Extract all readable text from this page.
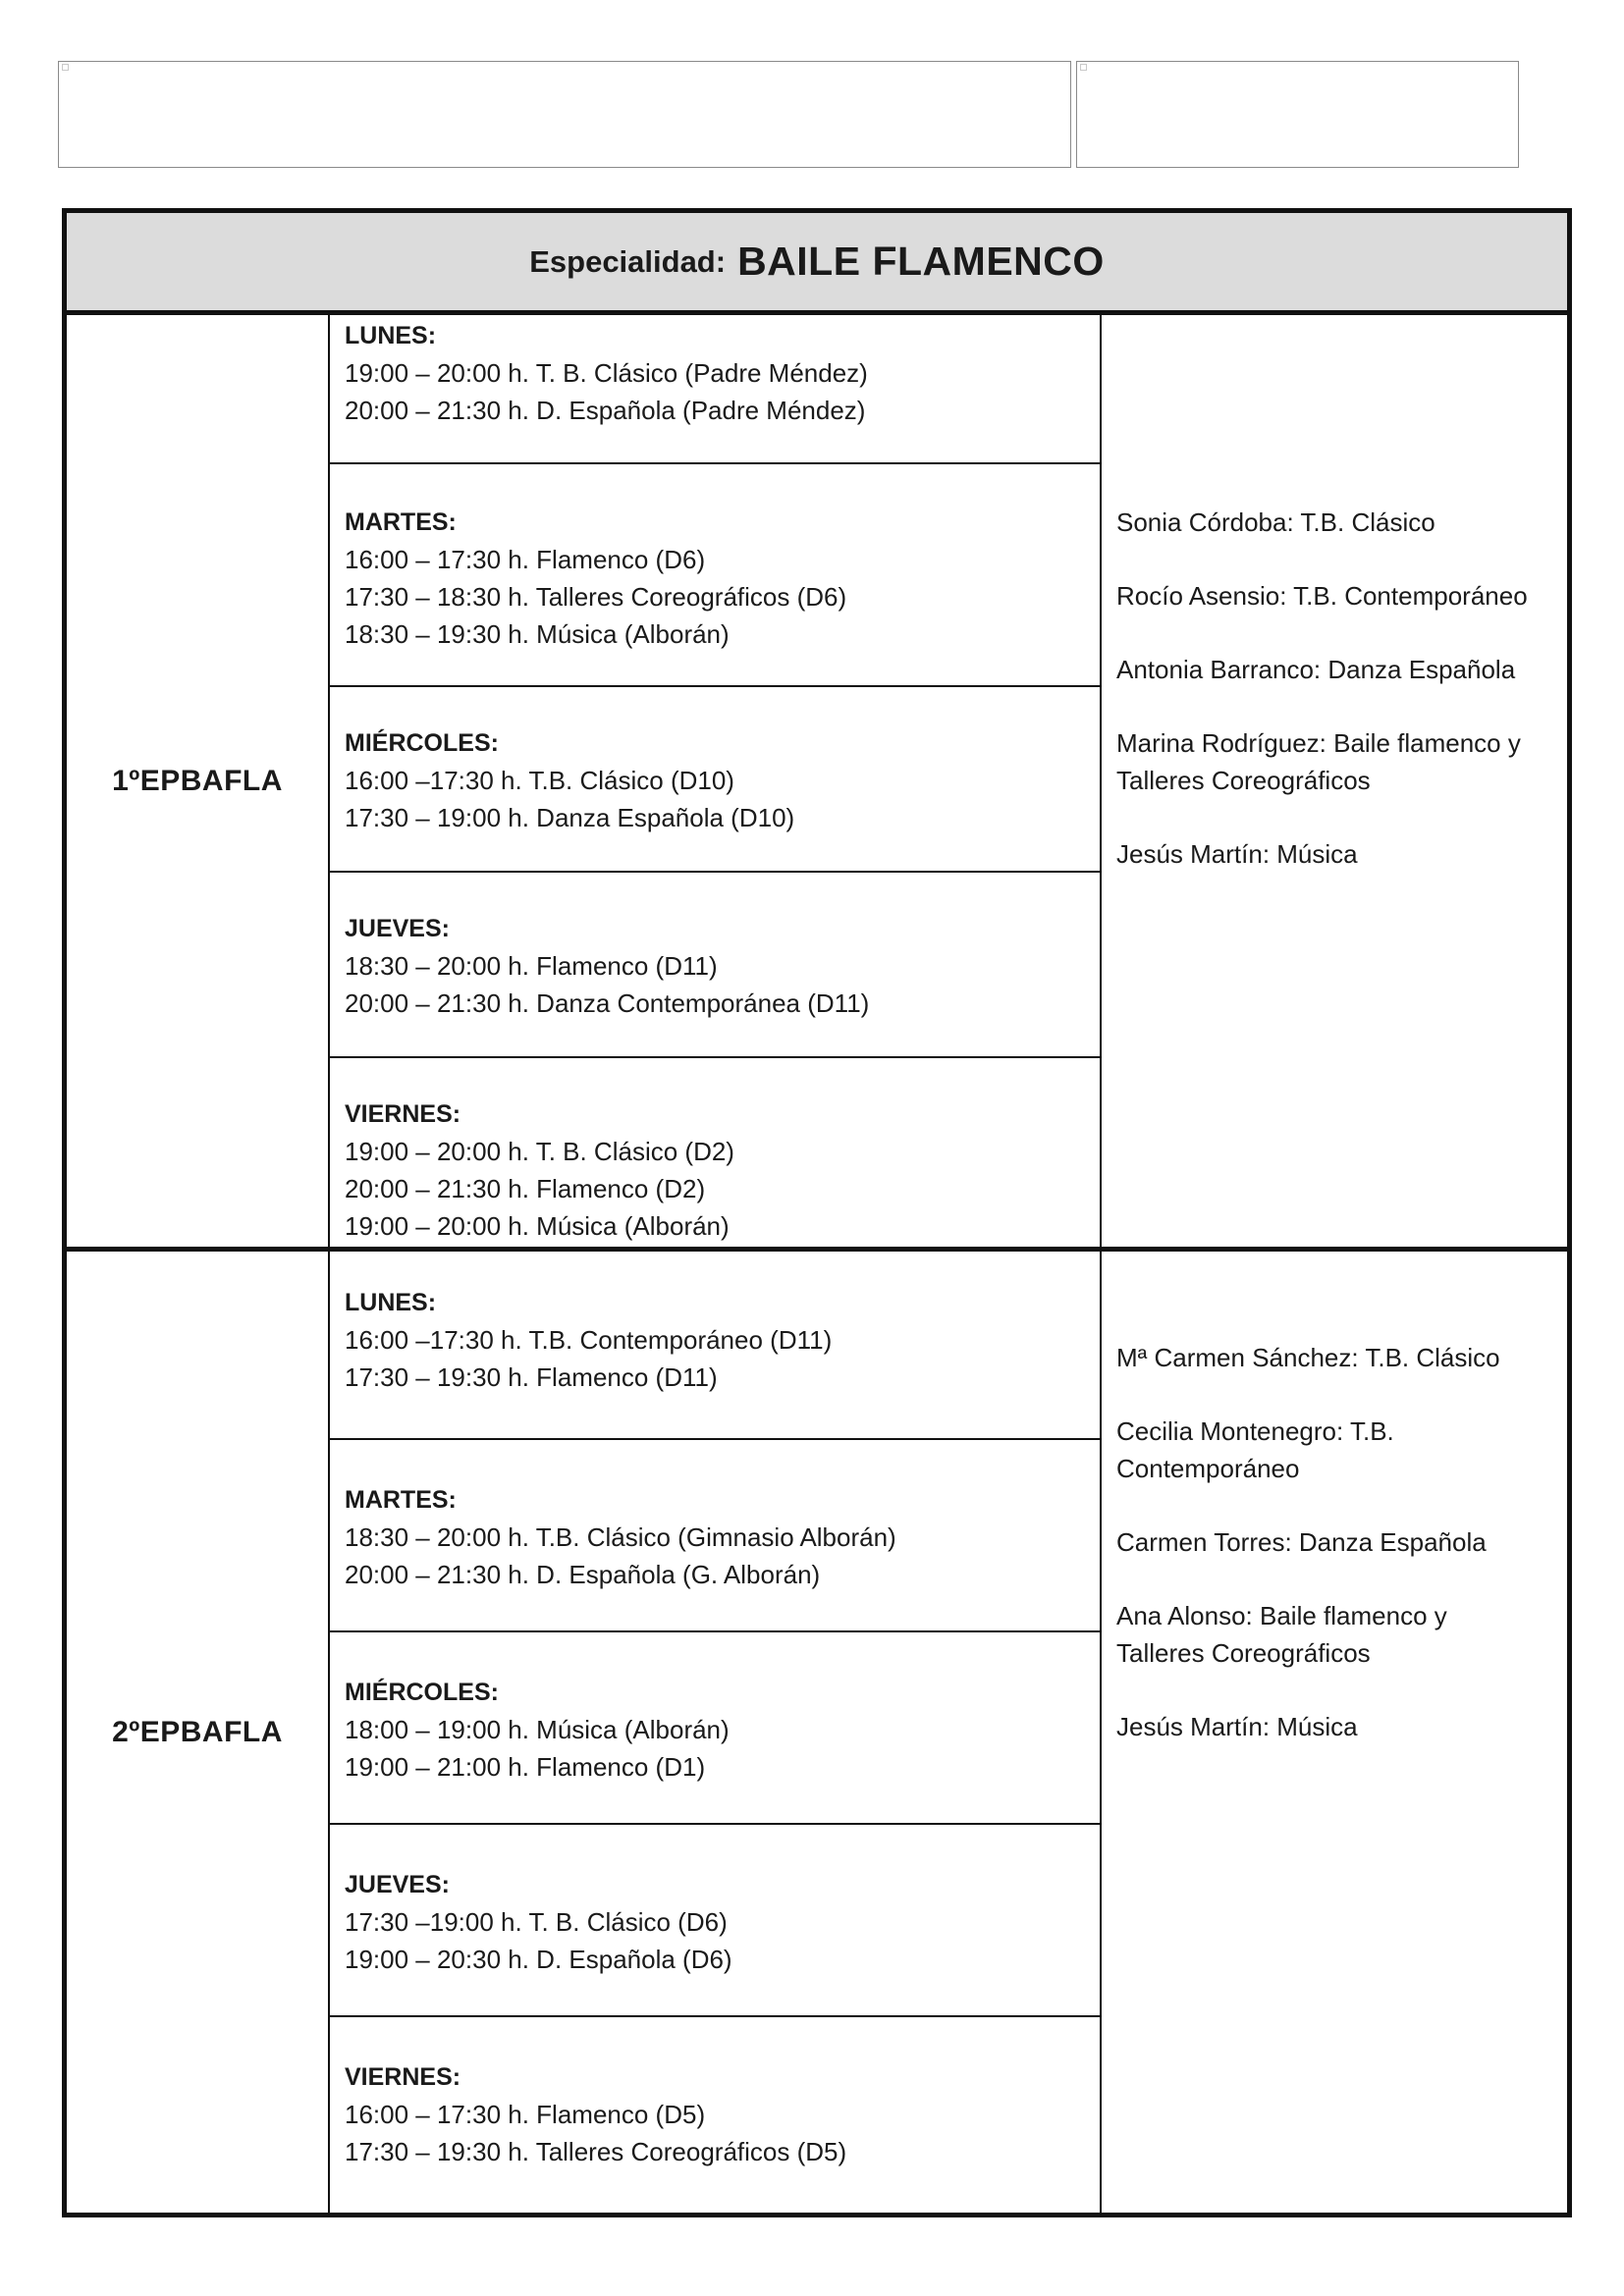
Especialidad: BAILE FLAMENCO
1ºEPBAFLA

LUNES:

19:00 – 20:00 h. T. B. Clásico (Padre Méndez)

20:00 – 21:30 h. D. Española (Padre Méndez)

MARTES:

16:00 – 17:30 h. Flamenco (D6)

17:30 – 18:30 h. Talleres Coreográficos (D6)

18:30 – 19:30 h. Música (Alborán)

MIÉRCOLES:

16:00 –17:30 h. T.B. Clásico (D10)

17:30 – 19:00 h. Danza Española (D10)

JUEVES:

18:30 – 20:00 h. Flamenco (D11)

20:00 – 21:30 h. Danza Contemporánea (D11)

VIERNES:

19:00 – 20:00 h. T. B. Clásico (D2)

20:00 – 21:30 h. Flamenco (D2)

19:00 – 20:00 h. Música (Alborán)

Sonia Córdoba: T.B. Clásico
Rocío Asensio: T.B. Contemporáneo
Antonia Barranco: Danza Española
Marina Rodríguez: Baile flamenco y Talleres Coreográficos
Jesús Martín: Música
2ºEPBAFLA

LUNES:

16:00 –17:30 h. T.B. Contemporáneo (D11)

17:30 – 19:30 h. Flamenco (D11)

MARTES:

18:30 – 20:00 h. T.B. Clásico (Gimnasio Alborán)

20:00 – 21:30 h. D. Española (G. Alborán)

MIÉRCOLES:

18:00 – 19:00 h. Música (Alborán)

19:00 – 21:00 h. Flamenco (D1)

JUEVES:

17:30 –19:00 h. T. B. Clásico (D6)

19:00 – 20:30 h. D. Española (D6)

VIERNES:

16:00 – 17:30 h. Flamenco (D5)

17:30 – 19:30 h. Talleres Coreográficos (D5)

Mª Carmen Sánchez: T.B. Clásico
Cecilia Montenegro: T.B. Contemporáneo
Carmen Torres: Danza Española
Ana Alonso: Baile flamenco y Talleres Coreográficos
Jesús Martín: Música
